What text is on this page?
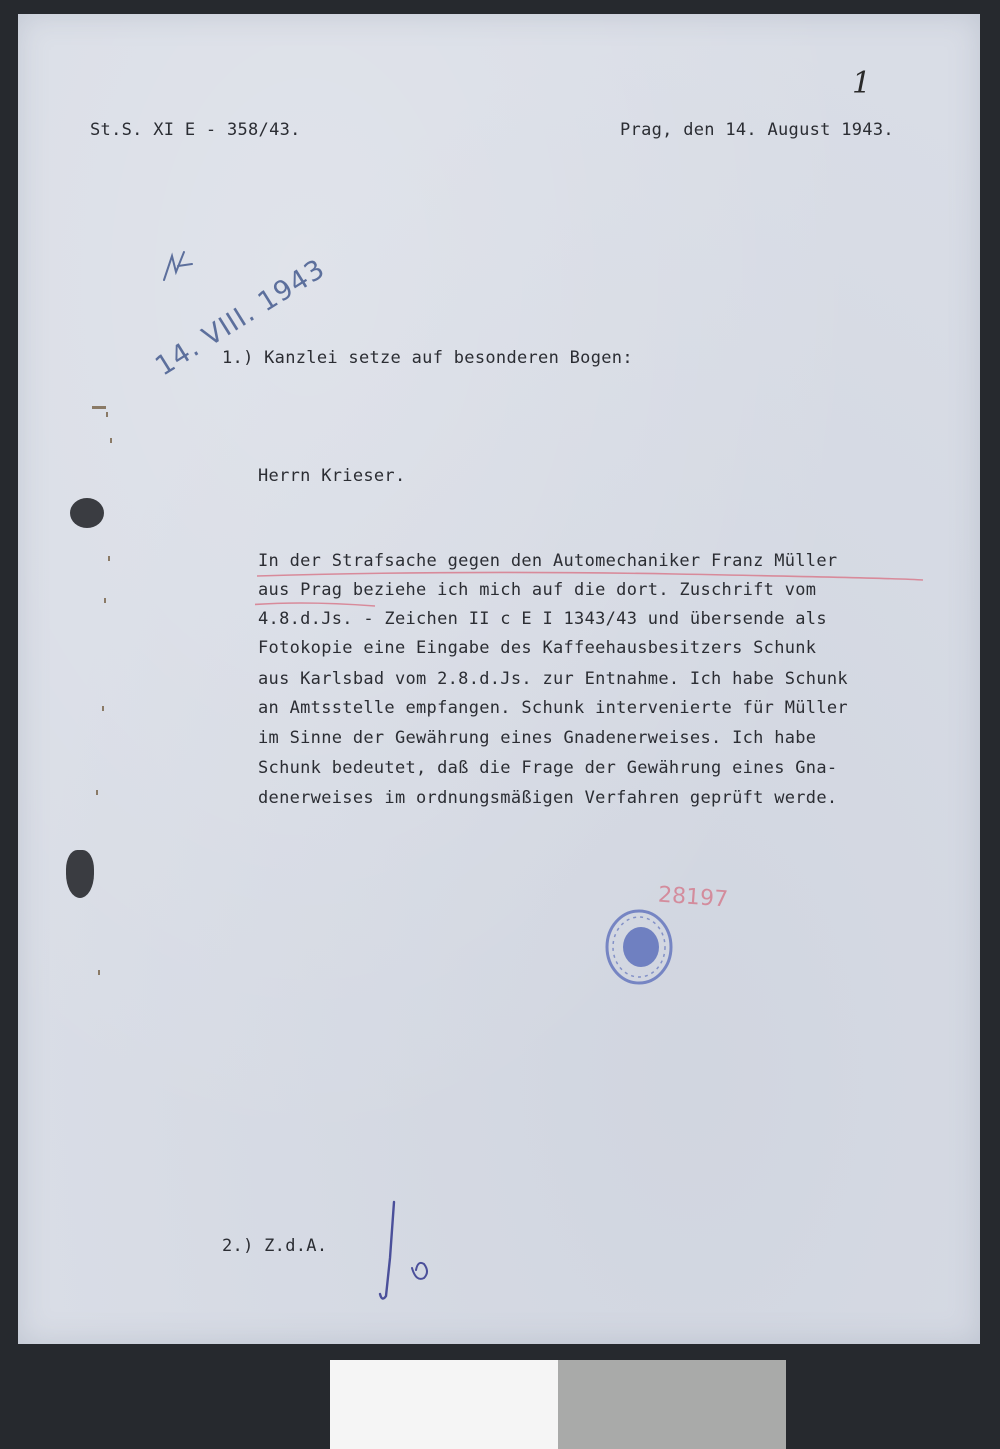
St.S. XI E - 358/43.	Prag, den 14. August 1943.
1
14. VIII. 1943
1.) Kanzlei setze auf besonderen Bogen:
Herrn Krieser.
In der Strafsache gegen den Automechaniker Franz Müller
aus Prag beziehe ich mich auf die dort. Zuschrift vom
4.8.d.Js. - Zeichen II c E I 1343/43 und übersende als
Fotokopie eine Eingabe des Kaffeehausbesitzers Schunk
aus Karlsbad vom 2.8.d.Js. zur Entnahme. Ich habe Schunk
an Amtsstelle empfangen. Schunk intervenierte für Müller
im Sinne der Gewährung eines Gnadenerweises. Ich habe
Schunk bedeutet, daß die Frage der Gewährung eines Gna-
denerweises im ordnungsmäßigen Verfahren geprüft werde.
28197
2.) Z.d.A.
